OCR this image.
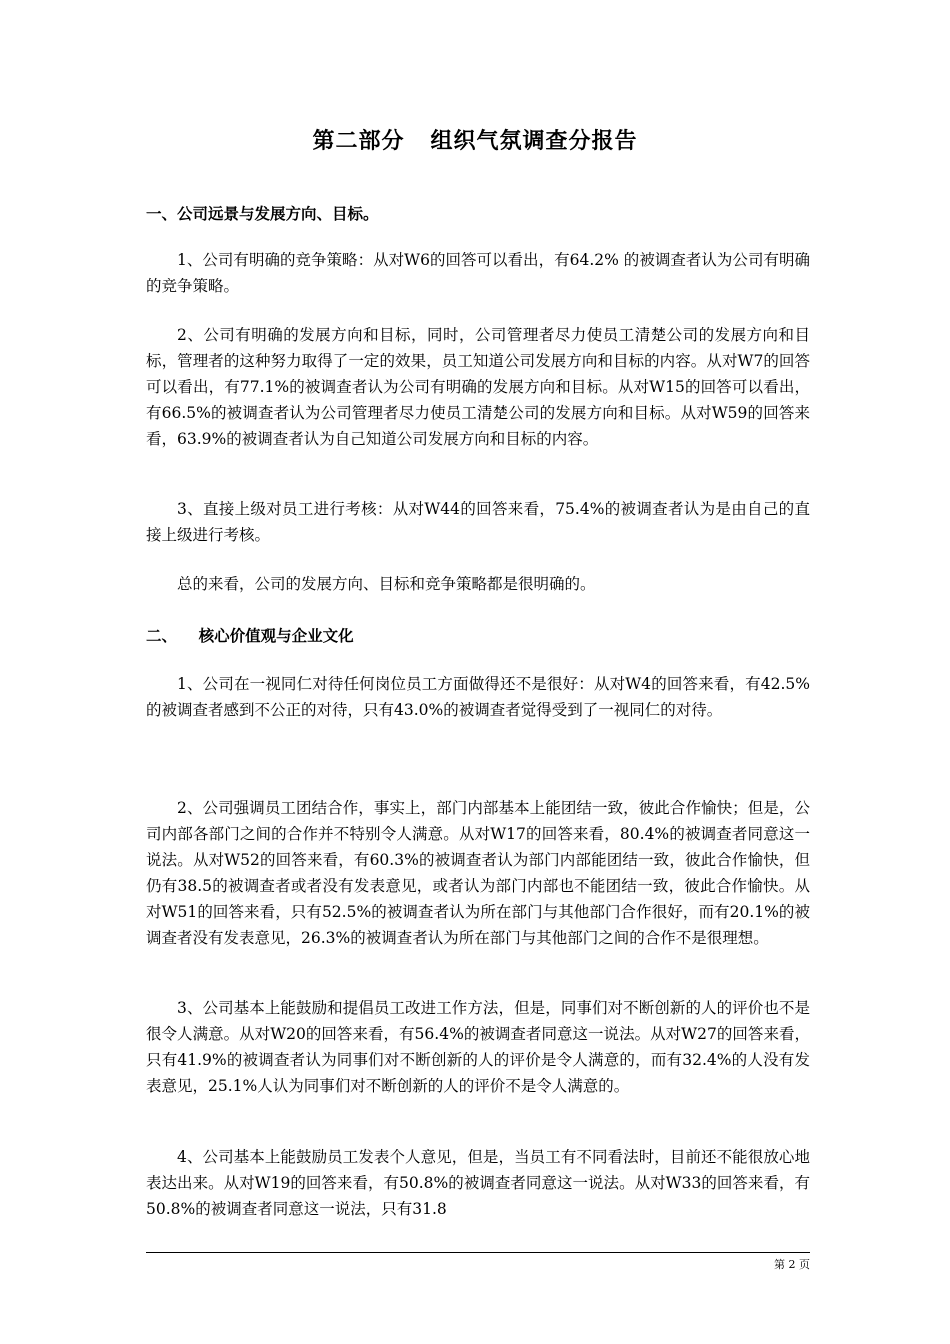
第二部分   组织气氛调查分报告
一、公司远景与发展方向、目标。
1、公司有明确的竞争策略：从对W6的回答可以看出，有64.2% 的被调查者认为公司有明确的竞争策略。
2、公司有明确的发展方向和目标，同时，公司管理者尽力使员工清楚公司的发展方向和目标，管理者的这种努力取得了一定的效果，员工知道公司发展方向和目标的内容。从对W7的回答可以看出，有77.1%的被调查者认为公司有明确的发展方向和目标。从对W15的回答可以看出，有66.5%的被调查者认为公司管理者尽力使员工清楚公司的发展方向和目标。从对W59的回答来看，63.9%的被调查者认为自己知道公司发展方向和目标的内容。
3、直接上级对员工进行考核：从对W44的回答来看，75.4%的被调查者认为是由自己的直接上级进行考核。
总的来看，公司的发展方向、目标和竞争策略都是很明确的。
二、    核心价值观与企业文化
1、公司在一视同仁对待任何岗位员工方面做得还不是很好：从对W4的回答来看，有42.5%的被调查者感到不公正的对待，只有43.0%的被调查者觉得受到了一视同仁的对待。
2、公司强调员工团结合作，事实上，部门内部基本上能团结一致，彼此合作愉快；但是，公司内部各部门之间的合作并不特别令人满意。从对W17的回答来看，80.4%的被调查者同意这一说法。从对W52的回答来看，有60.3%的被调查者认为部门内部能团结一致，彼此合作愉快，但仍有38.5的被调查者或者没有发表意见，或者认为部门内部也不能团结一致，彼此合作愉快。从对W51的回答来看，只有52.5%的被调查者认为所在部门与其他部门合作很好，而有20.1%的被调查者没有发表意见，26.3%的被调查者认为所在部门与其他部门之间的合作不是很理想。
3、公司基本上能鼓励和提倡员工改进工作方法，但是，同事们对不断创新的人的评价也不是很令人满意。从对W20的回答来看，有56.4%的被调查者同意这一说法。从对W27的回答来看，只有41.9%的被调查者认为同事们对不断创新的人的评价是令人满意的，而有32.4%的人没有发表意见，25.1%人认为同事们对不断创新的人的评价不是令人满意的。
4、公司基本上能鼓励员工发表个人意见，但是，当员工有不同看法时，目前还不能很放心地表达出来。从对W19的回答来看，有50.8%的被调查者同意这一说法。从对W33的回答来看，有50.8%的被调查者同意这一说法，只有31.8
第 2 页
